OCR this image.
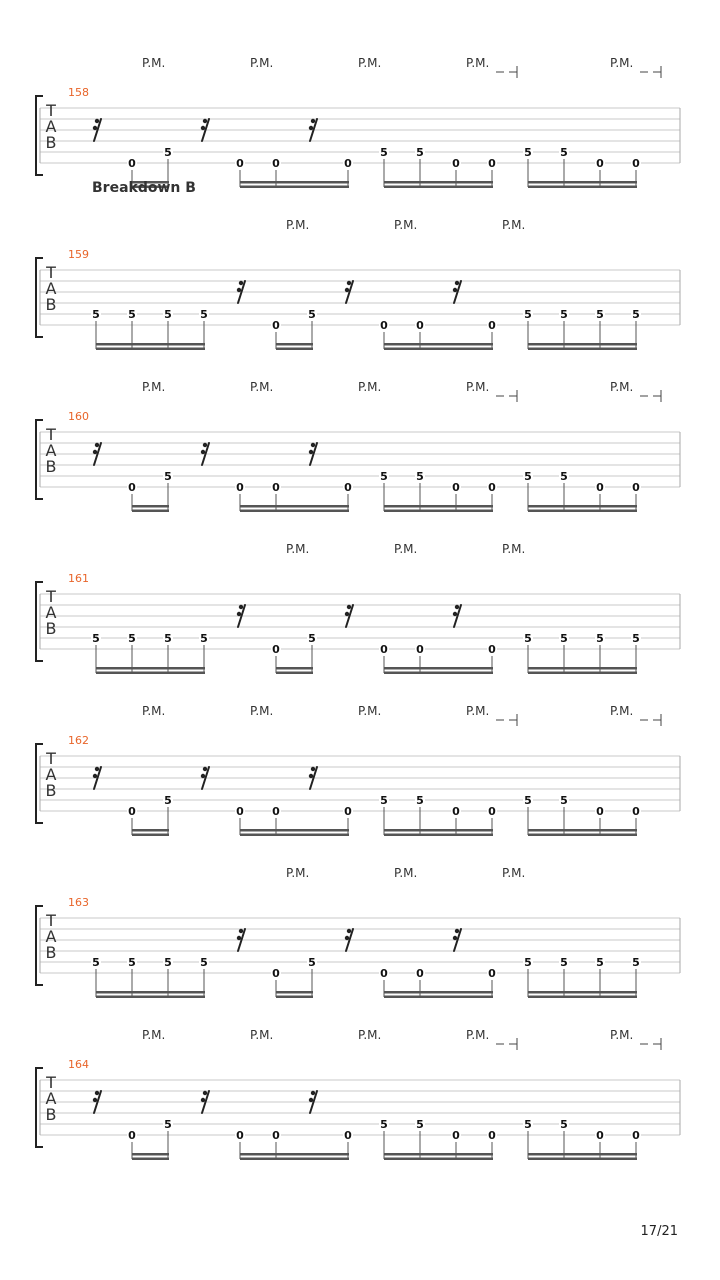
17/21
P.M.	P.M.	P.M.	P.M.	P.M.
158
T
A
B
0
5
0	0	0
5	5
0	0
5	5
0	0
Breakdown B
P.M.	P.M.	P.M.
159
T
A
B
5	5	5	5
0
5
0	0	0
5	5	5	5
P.M.	P.M.	P.M.	P.M.	P.M.
160
T
A
B
0
5
0	0	0
5	5
0	0
5	5
0	0
P.M.	P.M.	P.M.
161
T
A
B
5	5	5	5
0
5
0	0	0
5	5	5	5
P.M.	P.M.	P.M.	P.M.	P.M.
162
T
A
B
0
5
0	0	0
5	5
0	0
5	5
0	0
P.M.	P.M.	P.M.
163
T
A
B
5	5	5	5
0
5
0	0	0
5	5	5	5
P.M.	P.M.	P.M.	P.M.	P.M.
164
T
A
B
0
5
0	0	0
5	5
0	0
5	5
0	0
